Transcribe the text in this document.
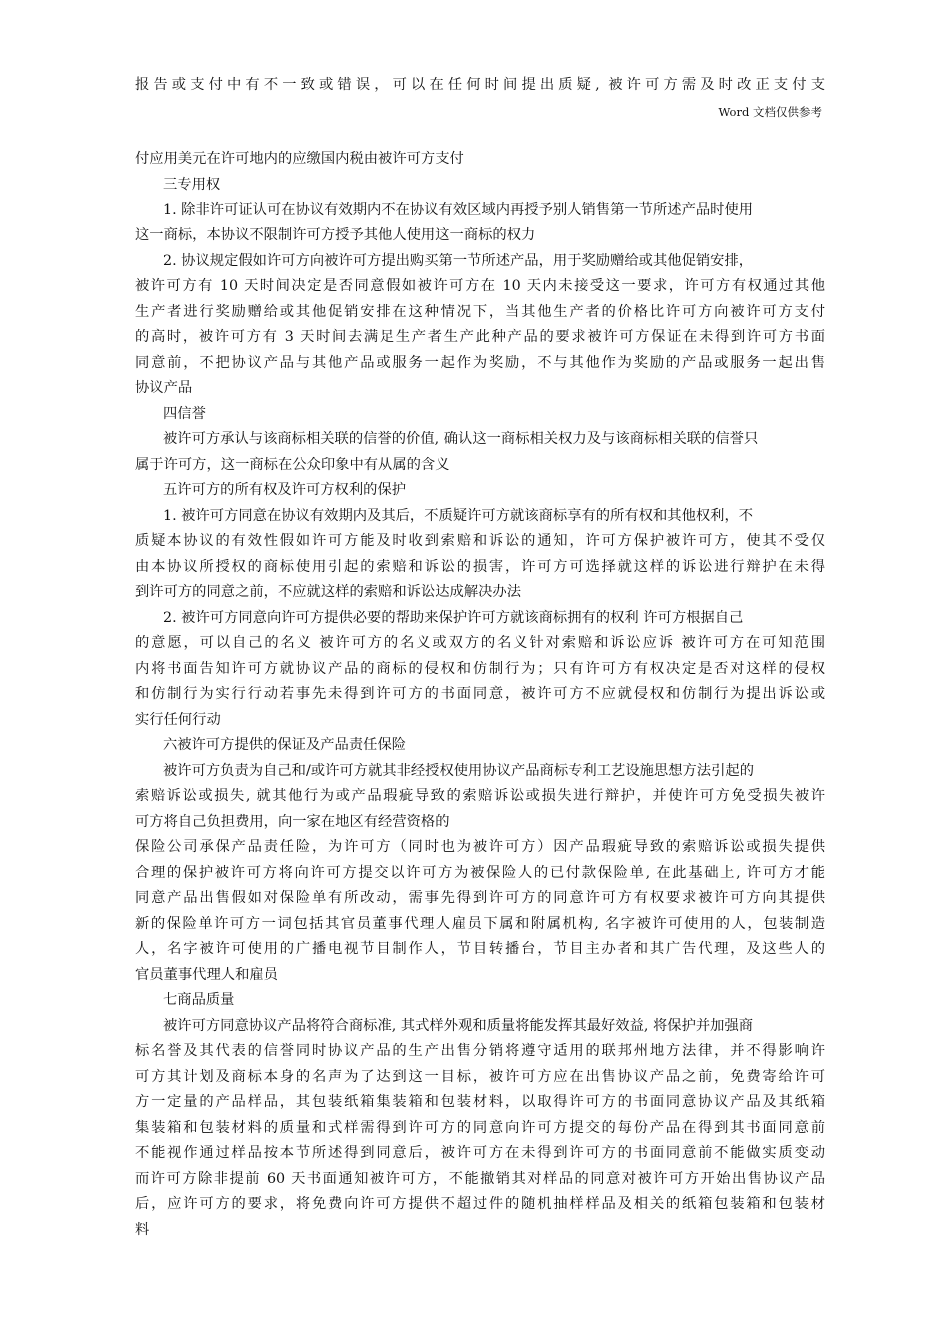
报告或支付中有不一致或错误，可以在任何时间提出质疑, 被许可方需及时改正支付支
Word 文档仅供参考
付应用美元在许可地内的应缴国内税由被许可方支付
三专用权
1. 除非许可证认可在协议有效期内不在协议有效区域内再授予别人销售第一节所述产品时使用
这一商标，本协议不限制许可方授予其他人使用这一商标的权力
2. 协议规定假如许可方向被许可方提出购买第一节所述产品，用于奖励赠给或其他促销安排，
被许可方有 10 天时间决定是否同意假如被许可方在 10 天内未接受这一要求，许可方有权通过其他
生产者进行奖励赠给或其他促销安排在这种情况下，当其他生产者的价格比许可方向被许可方支付
的高时，被许可方有 3 天时间去满足生产者生产此种产品的要求被许可方保证在未得到许可方书面
同意前，不把协议产品与其他产品或服务一起作为奖励，不与其他作为奖励的产品或服务一起出售
协议产品
四信誉
被许可方承认与该商标相关联的信誉的价值, 确认这一商标相关权力及与该商标相关联的信誉只
属于许可方，这一商标在公众印象中有从属的含义
五许可方的所有权及许可方权利的保护
1. 被许可方同意在协议有效期内及其后，不质疑许可方就该商标享有的所有权和其他权利，不
质疑本协议的有效性假如许可方能及时收到索赔和诉讼的通知，许可方保护被许可方，使其不受仅
由本协议所授权的商标使用引起的索赔和诉讼的损害，许可方可选择就这样的诉讼进行辩护在未得
到许可方的同意之前，不应就这样的索赔和诉讼达成解决办法
2. 被许可方同意向许可方提供必要的帮助来保护许可方就该商标拥有的权利 许可方根据自己
的意愿，可以自己的名义 被许可方的名义或双方的名义针对索赔和诉讼应诉 被许可方在可知范围
内将书面告知许可方就协议产品的商标的侵权和仿制行为；只有许可方有权决定是否对这样的侵权
和仿制行为实行行动若事先未得到许可方的书面同意，被许可方不应就侵权和仿制行为提出诉讼或
实行任何行动
六被许可方提供的保证及产品责任保险
被许可方负责为自己和/或许可方就其非经授权使用协议产品商标专利工艺设施思想方法引起的
索赔诉讼或损失, 就其他行为或产品瑕疵导致的索赔诉讼或损失进行辩护，并使许可方免受损失被许
可方将自己负担费用，向一家在地区有经营资格的
保险公司承保产品责任险，为许可方（同时也为被许可方）因产品瑕疵导致的索赔诉讼或损失提供
合理的保护被许可方将向许可方提交以许可方为被保险人的已付款保险单, 在此基础上, 许可方才能
同意产品出售假如对保险单有所改动，需事先得到许可方的同意许可方有权要求被许可方向其提供
新的保险单许可方一词包括其官员董事代理人雇员下属和附属机构, 名字被许可使用的人，包装制造
人，名字被许可使用的广播电视节目制作人，节目转播台，节目主办者和其广告代理，及这些人的
官员董事代理人和雇员
七商品质量
被许可方同意协议产品将符合商标准, 其式样外观和质量将能发挥其最好效益, 将保护并加强商
标名誉及其代表的信誉同时协议产品的生产出售分销将遵守适用的联邦州地方法律，并不得影响许
可方其计划及商标本身的名声为了达到这一目标，被许可方应在出售协议产品之前，免费寄给许可
方一定量的产品样品，其包装纸箱集装箱和包装材料，以取得许可方的书面同意协议产品及其纸箱
集装箱和包装材料的质量和式样需得到许可方的同意向许可方提交的每份产品在得到其书面同意前
不能视作通过样品按本节所述得到同意后，被许可方在未得到许可方的书面同意前不能做实质变动
而许可方除非提前 60 天书面通知被许可方，不能撤销其对样品的同意对被许可方开始出售协议产品
后，应许可方的要求，将免费向许可方提供不超过件的随机抽样样品及相关的纸箱包装箱和包装材
料
